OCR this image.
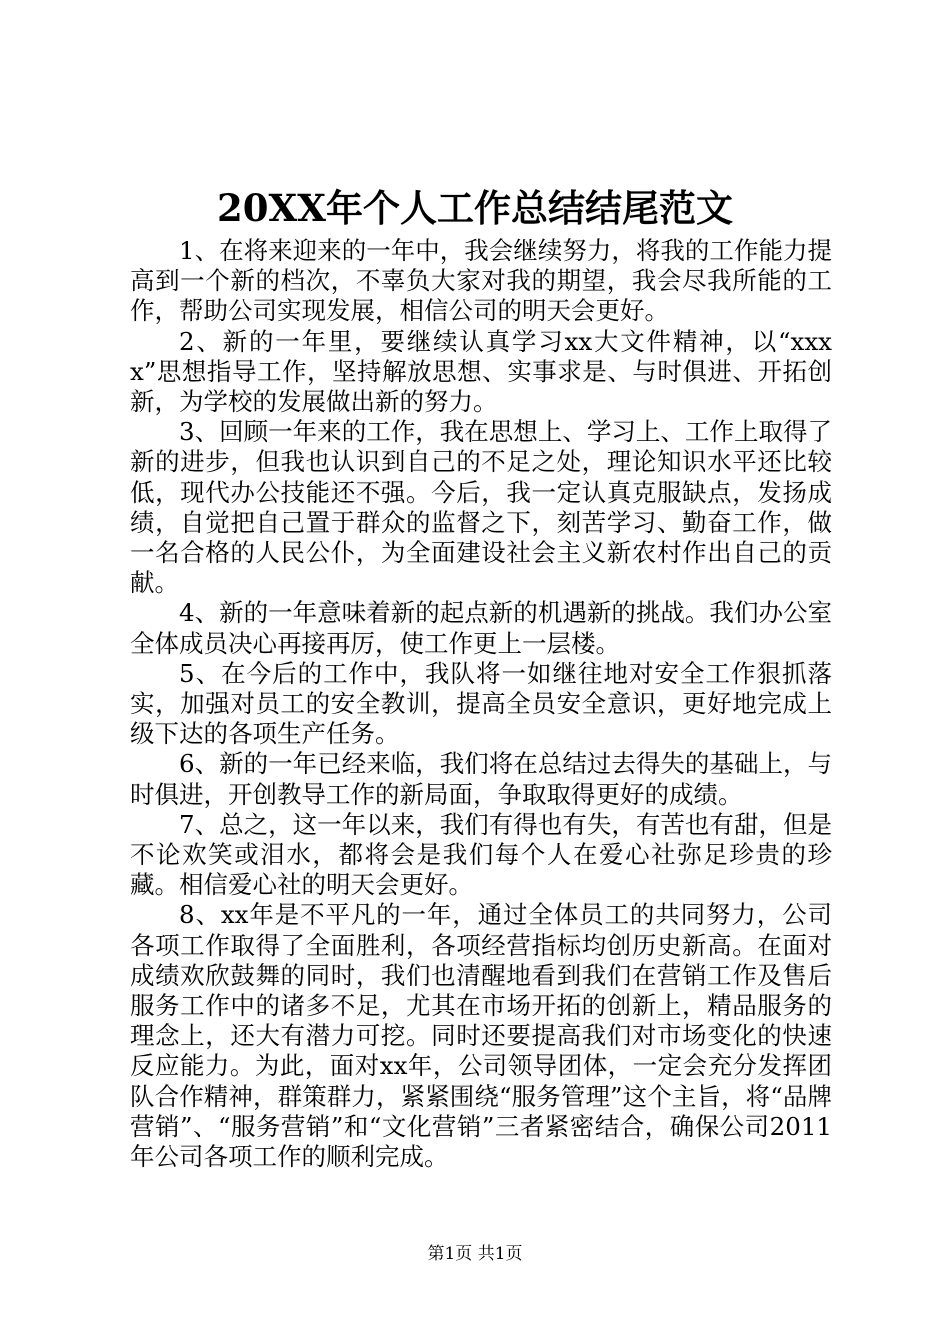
20XX年个人工作总结结尾范文

1、在将来迎来的一年中，我会继续努力，将我的工作能力提高到一个新的档次，不辜负大家对我的期望，我会尽我所能的工作，帮助公司实现发展，相信公司的明天会更好。

2、新的一年里，要继续认真学习xx大文件精神，以“xxxx”思想指导工作，坚持解放思想、实事求是、与时俱进、开拓创新，为学校的发展做出新的努力。

3、回顾一年来的工作，我在思想上、学习上、工作上取得了新的进步，但我也认识到自己的不足之处，理论知识水平还比较低，现代办公技能还不强。今后，我一定认真克服缺点，发扬成绩，自觉把自己置于群众的监督之下，刻苦学习、勤奋工作，做一名合格的人民公仆，为全面建设社会主义新农村作出自己的贡献。

4、新的一年意味着新的起点新的机遇新的挑战。我们办公室全体成员决心再接再厉，使工作更上一层楼。

5、在今后的工作中，我队将一如继往地对安全工作狠抓落实，加强对员工的安全教训，提高全员安全意识，更好地完成上级下达的各项生产任务。

6、新的一年已经来临，我们将在总结过去得失的基础上，与时俱进，开创教导工作的新局面，争取取得更好的成绩。

7、总之，这一年以来，我们有得也有失，有苦也有甜，但是不论欢笑或泪水，都将会是我们每个人在爱心社弥足珍贵的珍藏。相信爱心社的明天会更好。

8、xx年是不平凡的一年，通过全体员工的共同努力，公司各项工作取得了全面胜利，各项经营指标均创历史新高。在面对成绩欢欣鼓舞的同时，我们也清醒地看到我们在营销工作及售后服务工作中的诸多不足，尤其在市场开拓的创新上，精品服务的理念上，还大有潜力可挖。同时还要提高我们对市场变化的快速反应能力。为此，面对xx年，公司领导团体，一定会充分发挥团队合作精神，群策群力，紧紧围绕“服务管理”这个主旨，将“品牌营销”、“服务营销”和“文化营销”三者紧密结合，确保公司2011年公司各项工作的顺利完成。

第1页 共1页
